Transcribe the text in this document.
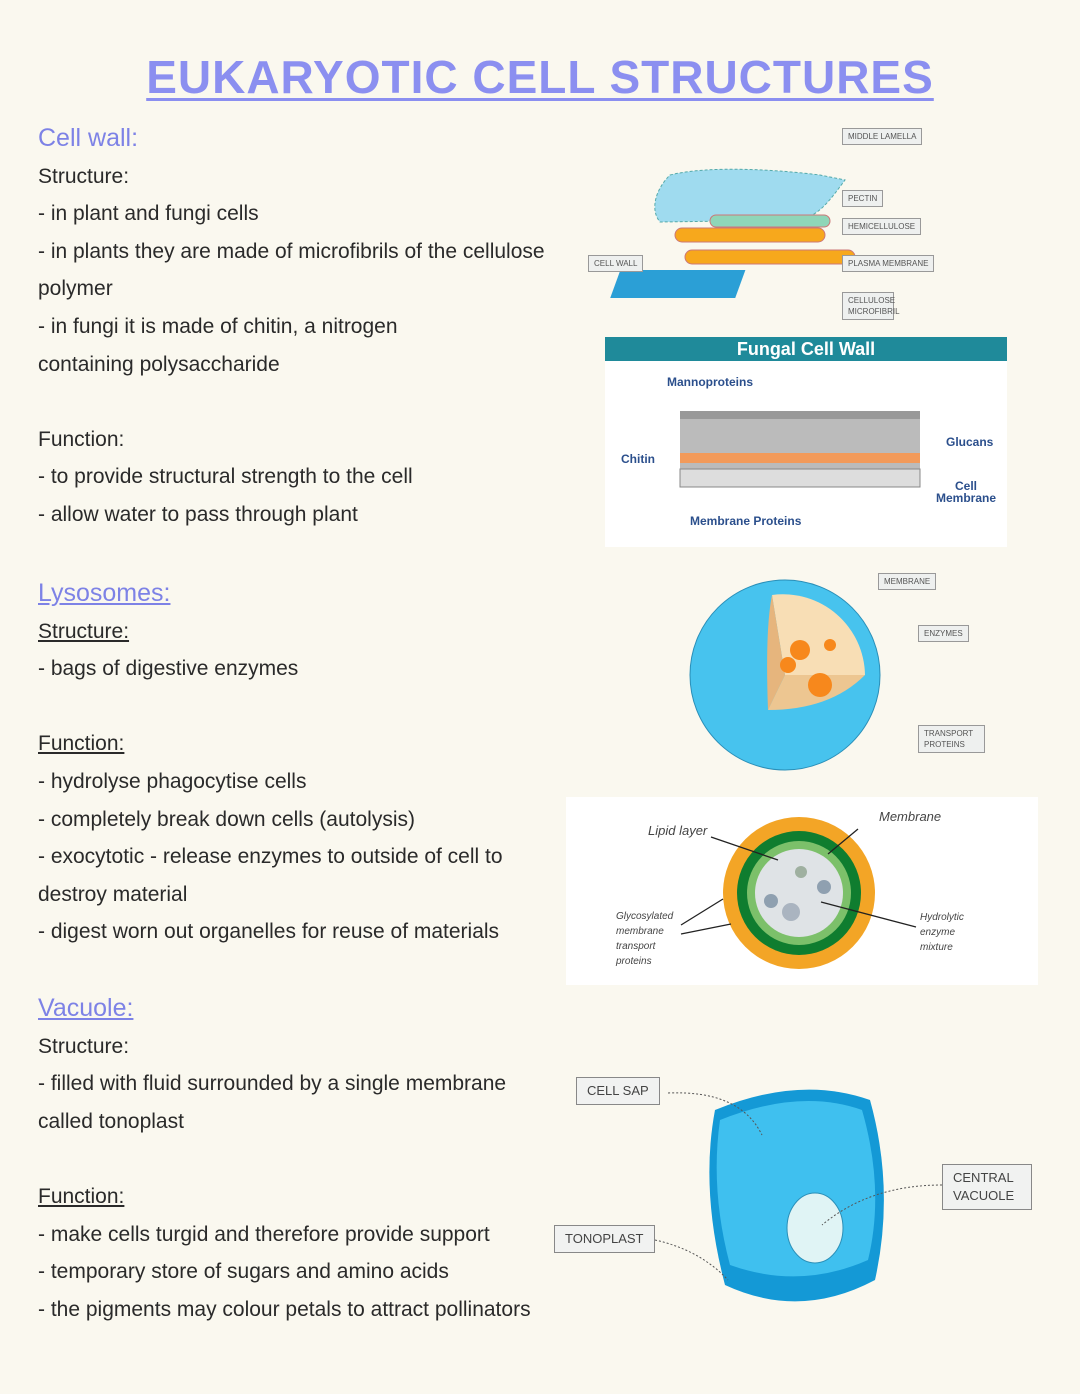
EUKARYOTIC CELL STRUCTURES
Cell wall:
Structure:
- in plant and fungi cells
- in plants they are made of microfibrils of the cellulose polymer
- in fungi it is made of chitin, a nitrogen containing polysaccharide
Function:
- to provide structural strength to the cell
- allow water to pass through plant
Lysosomes:
Structure:
- bags of digestive enzymes
Function:
- hydrolyse phagocytise cells
- completely break down cells (autolysis)
- exocytotic - release enzymes to outside of cell to destroy material
- digest worn out organelles for reuse of materials
Vacuole:
Structure:
- filled with fluid surrounded by a single membrane called tonoplast
Function:
- make cells turgid and therefore provide support
- temporary store of sugars and amino acids
- the pigments may colour petals to attract pollinators
MIDDLE LAMELLA
PECTIN
HEMICELLULOSE
PLASMA MEMBRANE
CELLULOSE MICROFIBRIL
CELL WALL
Fungal Cell Wall
Mannoproteins
Chitin
Glucans
Cell Membrane
Membrane Proteins
MEMBRANE
ENZYMES
TRANSPORT PROTEINS
Lipid layer
Membrane
Glycosylated membrane transport proteins
Hydrolytic enzyme mixture
CELL SAP
CENTRAL VACUOLE
TONOPLAST
